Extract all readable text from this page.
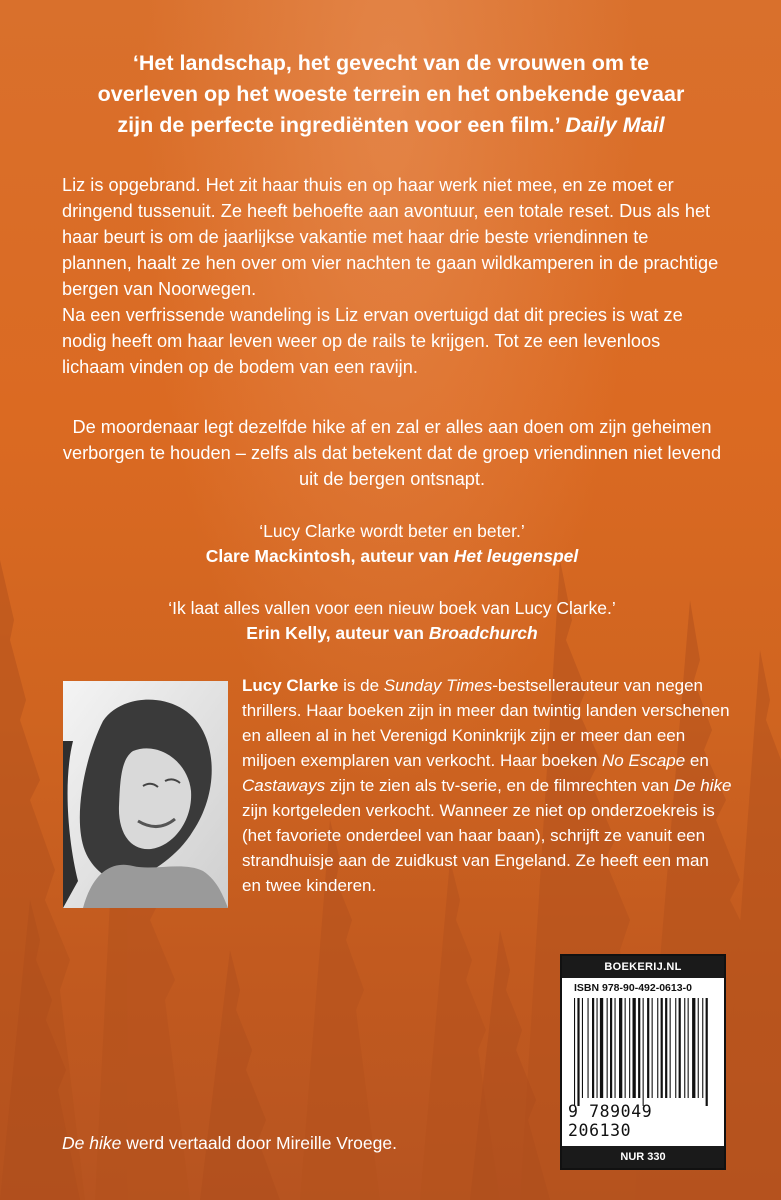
‘Het landschap, het gevecht van de vrouwen om te overleven op het woeste terrein en het onbekende gevaar zijn de perfecte ingrediënten voor een film.’ Daily Mail

Liz is opgebrand. Het zit haar thuis en op haar werk niet mee, en ze moet er dringend tussenuit. Ze heeft behoefte aan avontuur, een totale reset. Dus als het haar beurt is om de jaarlijkse vakantie met haar drie beste vriendinnen te plannen, haalt ze hen over om vier nachten te gaan wildkamperen in de prachtige bergen van Noorwegen.

Na een verfrissende wandeling is Liz ervan overtuigd dat dit precies is wat ze nodig heeft om haar leven weer op de rails te krijgen. Tot ze een levenloos lichaam vinden op de bodem van een ravijn.

De moordenaar legt dezelfde hike af en zal er alles aan doen om zijn geheimen verborgen te houden – zelfs als dat betekent dat de groep vriendinnen niet levend uit de bergen ontsnapt.

‘Lucy Clarke wordt beter en beter.’
Clare Mackintosh, auteur van Het leugenspel
‘Ik laat alles vallen voor een nieuw boek van Lucy Clarke.’
Erin Kelly, auteur van Broadchurch
Lucy Clarke is de Sunday Times-bestsellerauteur van negen thrillers. Haar boeken zijn in meer dan twintig landen verschenen en alleen al in het Verenigd Koninkrijk zijn er meer dan een miljoen exemplaren van verkocht. Haar boeken No Escape en Castaways zijn te zien als tv-serie, en de filmrechten van De hike zijn kortgeleden verkocht. Wanneer ze niet op onderzoekreis is (het favoriete onderdeel van haar baan), schrijft ze vanuit een strandhuisje aan de zuidkust van Engeland. Ze heeft een man en twee kinderen.
BOEKERIJ.NL
ISBN 978-90-492-0613-0
9 789049 206130
NUR 330
De hike werd vertaald door Mireille Vroege.
